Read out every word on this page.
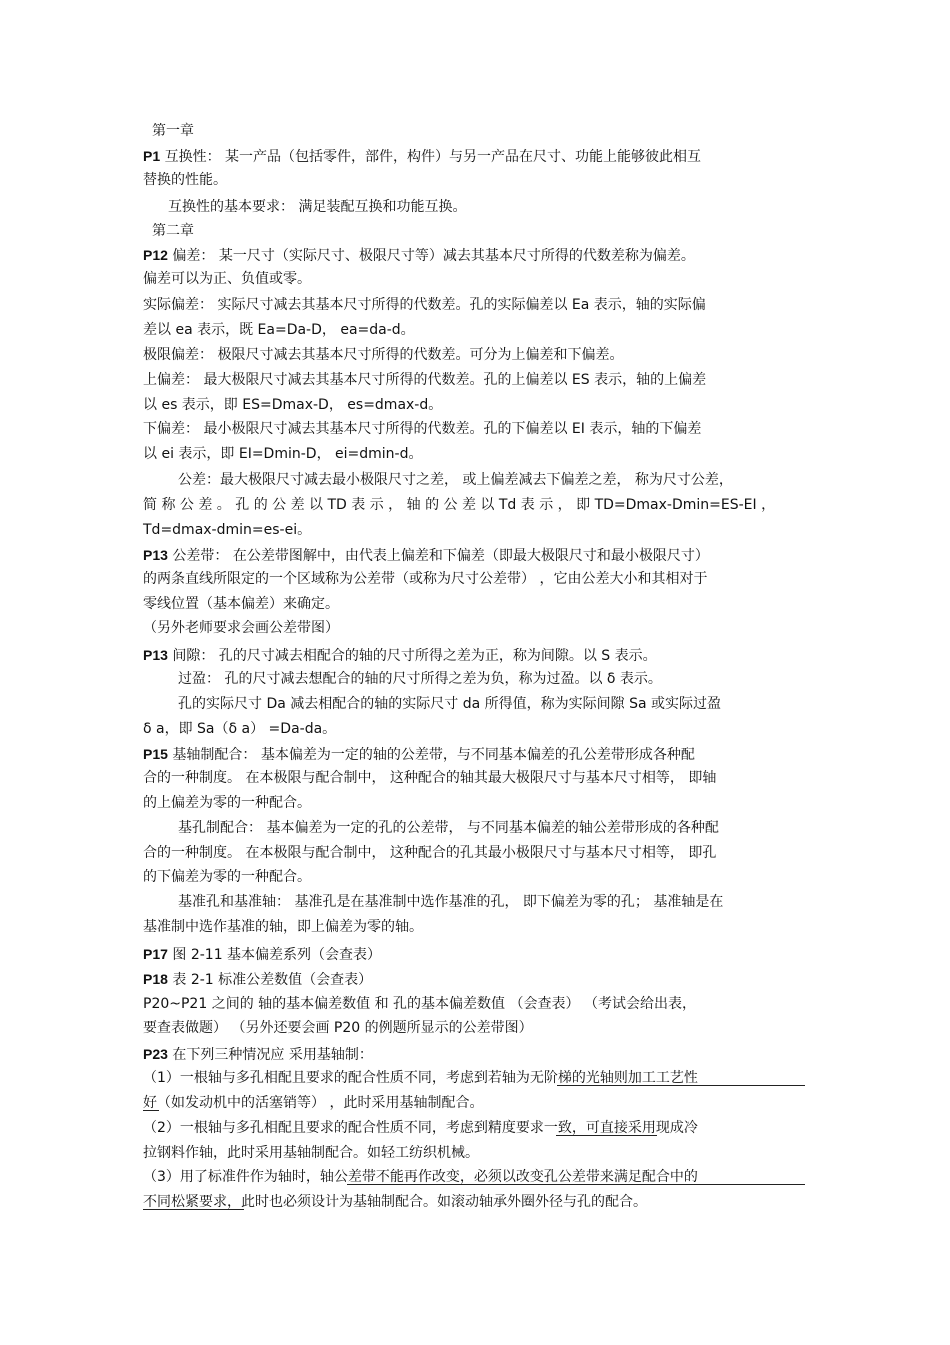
第一章
P1 互换性： 某一产品（包括零件，部件，构件）与另一产品在尺寸、功能上能够彼此相互
替换的性能。
互换性的基本要求： 满足装配互换和功能互换。
第二章
P12 偏差： 某一尺寸（实际尺寸、极限尺寸等）减去其基本尺寸所得的代数差称为偏差。
偏差可以为正、负值或零。
实际偏差： 实际尺寸减去其基本尺寸所得的代数差。孔的实际偏差以 Ea 表示，轴的实际偏
差以 ea 表示，既 Ea=Da-D， ea=da-d。
极限偏差： 极限尺寸减去其基本尺寸所得的代数差。可分为上偏差和下偏差。
上偏差： 最大极限尺寸减去其基本尺寸所得的代数差。孔的上偏差以 ES 表示，轴的上偏差
以 es 表示，即 ES=Dmax-D， es=dmax-d。
下偏差： 最小极限尺寸减去其基本尺寸所得的代数差。孔的下偏差以 EI 表示，轴的下偏差
以 ei 表示，即 EI=Dmin-D， ei=dmin-d。
公差：最大极限尺寸减去最小极限尺寸之差， 或上偏差减去下偏差之差， 称为尺寸公差，
简 称 公 差 。 孔 的 公 差 以 TD 表 示 ， 轴 的 公 差 以 Td 表 示 ， 即 TD=Dmax-Dmin=ES-EI ，
Td=dmax-dmin=es-ei。
P13 公差带： 在公差带图解中，由代表上偏差和下偏差（即最大极限尺寸和最小极限尺寸）
的两条直线所限定的一个区域称为公差带（或称为尺寸公差带） ，它由公差大小和其相对于
零线位置（基本偏差）来确定。
（另外老师要求会画公差带图）
P13 间隙： 孔的尺寸减去相配合的轴的尺寸所得之差为正，称为间隙。以 S 表示。
过盈： 孔的尺寸减去想配合的轴的尺寸所得之差为负，称为过盈。以 δ 表示。
孔的实际尺寸 Da 减去相配合的轴的实际尺寸 da 所得值，称为实际间隙 Sa 或实际过盈
δ a，即 Sa（δ a） =Da-da。
P15 基轴制配合： 基本偏差为一定的轴的公差带，与不同基本偏差的孔公差带形成各种配
合的一种制度。 在本极限与配合制中， 这种配合的轴其最大极限尺寸与基本尺寸相等， 即轴
的上偏差为零的一种配合。
基孔制配合： 基本偏差为一定的孔的公差带， 与不同基本偏差的轴公差带形成的各种配
合的一种制度。 在本极限与配合制中， 这种配合的孔其最小极限尺寸与基本尺寸相等， 即孔
的下偏差为零的一种配合。
基准孔和基准轴： 基准孔是在基准制中选作基准的孔， 即下偏差为零的孔； 基准轴是在
基准制中选作基准的轴，即上偏差为零的轴。
P17 图 2-11 基本偏差系列（会查表）
P18 表 2-1 标准公差数值（会查表）
P20~P21 之间的 轴的基本偏差数值 和 孔的基本偏差数值 （会查表） （考试会给出表，
要查表做题） （另外还要会画 P20 的例题所显示的公差带图）
P23 在下列三种情况应 采用基轴制：
（1）一根轴与多孔相配且要求的配合性质不同，考虑到若轴为无阶梯的光轴则加工工艺性
好（如发动机中的活塞销等） ，此时采用基轴制配合。
（2）一根轴与多孔相配且要求的配合性质不同，考虑到精度要求一致，可直接采用现成冷
拉钢料作轴，此时采用基轴制配合。如轻工纺织机械。
（3）用了标准件作为轴时，轴公差带不能再作改变，必须以改变孔公差带来满足配合中的
不同松紧要求，此时也必须设计为基轴制配合。如滚动轴承外圈外径与孔的配合。
